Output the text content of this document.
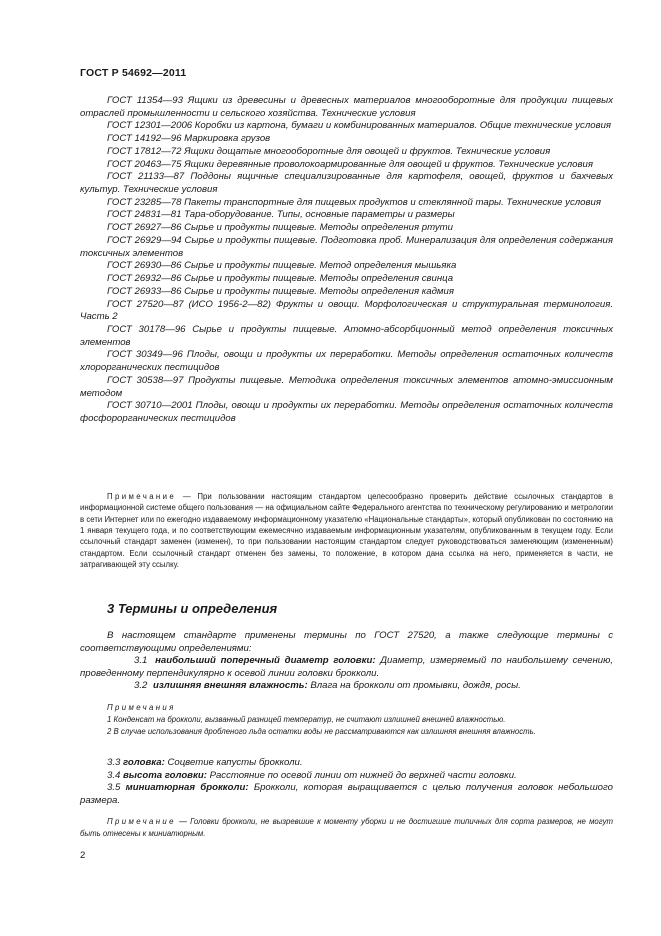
ГОСТ Р 54692—2011

ГОСТ 11354—93 Ящики из древесины и древесных материалов многооборотные для продукции пищевых отраслей промышленности и сельского хозяйства. Технические условия

ГОСТ 12301—2006 Коробки из картона, бумаги и комбинированных материалов. Общие технические условия

ГОСТ 14192—96 Маркировка грузов

ГОСТ 17812—72 Ящики дощатые многооборотные для овощей и фруктов. Технические условия

ГОСТ 20463—75 Ящики деревянные проволокоармированные для овощей и фруктов. Технические условия

ГОСТ 21133—87 Поддоны ящичные специализированные для картофеля, овощей, фруктов и бахчевых культур. Технические условия

ГОСТ 23285—78 Пакеты транспортные для пищевых продуктов и стеклянной тары. Технические условия

ГОСТ 24831—81 Тара-оборудование. Типы, основные параметры и размеры

ГОСТ 26927—86 Сырье и продукты пищевые. Методы определения ртути

ГОСТ 26929—94 Сырье и продукты пищевые. Подготовка проб. Минерализация для определения содержания токсичных элементов

ГОСТ 26930—86 Сырье и продукты пищевые. Метод определения мышьяка

ГОСТ 26932—86 Сырье и продукты пищевые. Методы определения свинца

ГОСТ 26933—86 Сырье и продукты пищевые. Методы определения кадмия

ГОСТ 27520—87 (ИСО 1956-2—82) Фрукты и овощи. Морфологическая и структуральная терминология. Часть 2

ГОСТ 30178—96 Сырье и продукты пищевые. Атомно-абсорбционный метод определения токсичных элементов

ГОСТ 30349—96 Плоды, овощи и продукты их переработки. Методы определения остаточных количеств хлорорганических пестицидов

ГОСТ 30538—97 Продукты пищевые. Методика определения токсичных элементов атомно-эмиссионным методом

ГОСТ 30710—2001 Плоды, овощи и продукты их переработки. Методы определения остаточных количеств фосфорорганических пестицидов

Примечание — При пользовании настоящим стандартом целесообразно проверить действие ссылочных стандартов в информационной системе общего пользования — на официальном сайте Федерального агентства по техническому регулированию и метрологии в сети Интернет или по ежегодно издаваемому информационному указателю «Национальные стандарты», который опубликован по состоянию на 1 января текущего года, и по соответствующим ежемесячно издаваемым информационным указателям, опубликованным в текущем году. Если ссылочный стандарт заменен (изменен), то при пользовании настоящим стандартом следует руководствоваться заменяющим (измененным) стандартом. Если ссылочный стандарт отменен без замены, то положение, в котором дана ссылка на него, применяется в части, не затрагивающей эту ссылку.

3 Термины и определения

В настоящем стандарте применены термины по ГОСТ 27520, а также следующие термины с соответствующими определениями:

3.1 наибольший поперечный диаметр головки: Диаметр, измеряемый по наибольшему сечению, проведенному перпендикулярно к осевой линии головки брокколи.

3.2 излишняя внешняя влажность: Влага на брокколи от промывки, дождя, росы.

Примечания

1 Конденсат на брокколи, вызванный разницей температур, не считают излишней внешней влажностью.

2 В случае использования дробленого льда остатки воды не рассматриваются как излишняя внешняя влажность.

3.3 головка: Соцветие капусты брокколи.

3.4 высота головки: Расстояние по осевой линии от нижней до верхней части головки.

3.5 миниатюрная брокколи: Брокколи, которая выращивается с целью получения головок небольшого размера.

Примечание — Головки брокколи, не вызревшие к моменту уборки и не достигшие типичных для сорта размеров, не могут быть отнесены к миниатюрным.

2
